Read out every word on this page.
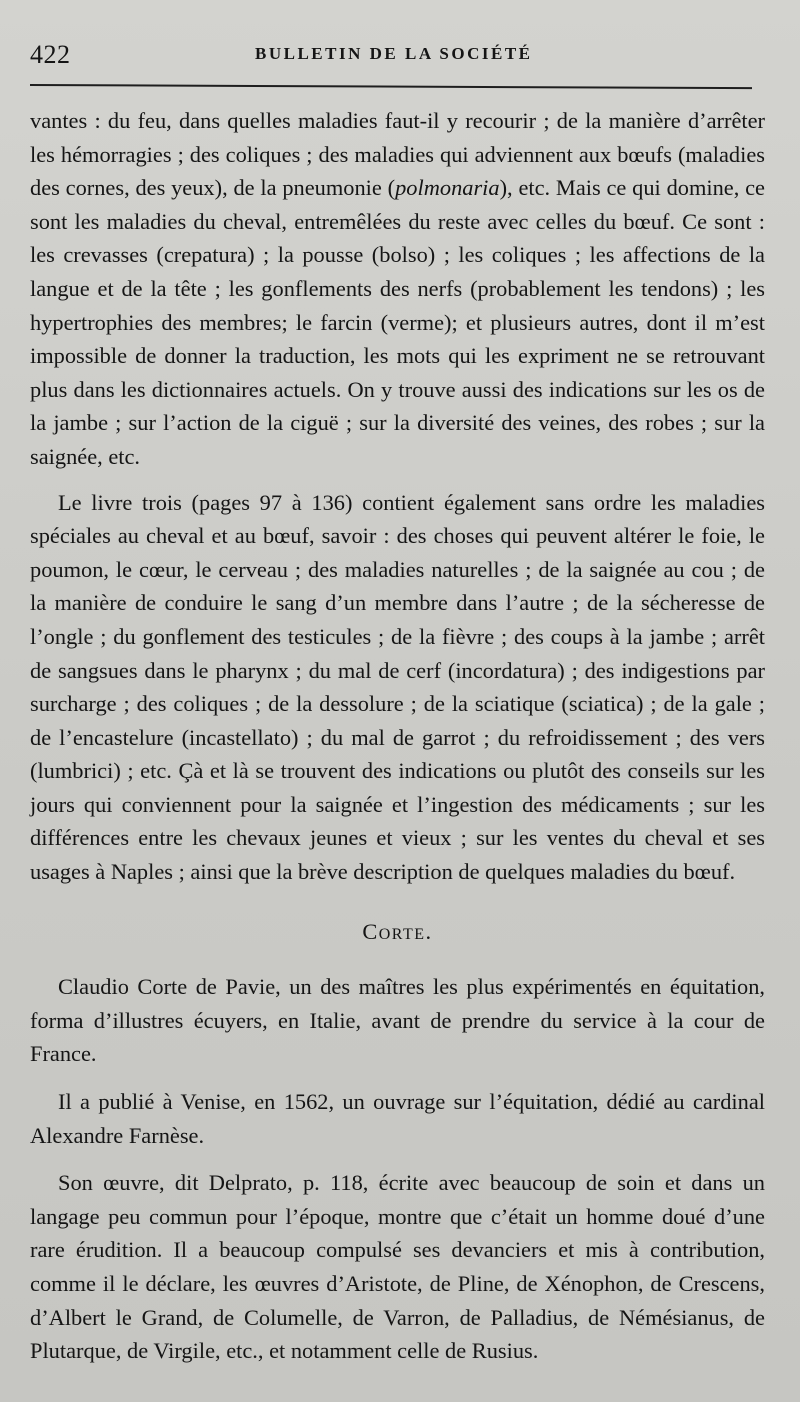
422	BULLETIN DE LA SOCIÉTÉ

vantes : du feu, dans quelles maladies faut-il y recourir ; de la manière d’arrêter les hémorragies ; des coliques ; des maladies qui adviennent aux bœufs (maladies des cornes, des yeux), de la pneumonie (polmonaria), etc. Mais ce qui domine, ce sont les maladies du cheval, entremêlées du reste avec celles du bœuf. Ce sont : les crevasses (crepatura) ; la pousse (bolso) ; les coliques ; les affections de la langue et de la tête ; les gonflements des nerfs (probablement les tendons) ; les hypertrophies des membres; le farcin (verme); et plusieurs autres, dont il m’est impossible de donner la traduction, les mots qui les expriment ne se retrouvant plus dans les dictionnaires actuels. On y trouve aussi des indications sur les os de la jambe ; sur l’action de la ciguë ; sur la diversité des veines, des robes ; sur la saignée, etc.

Le livre trois (pages 97 à 136) contient également sans ordre les maladies spéciales au cheval et au bœuf, savoir : des choses qui peuvent altérer le foie, le poumon, le cœur, le cerveau ; des maladies naturelles ; de la saignée au cou ; de la manière de conduire le sang d’un membre dans l’autre ; de la sécheresse de l’ongle ; du gonflement des testicules ; de la fièvre ; des coups à la jambe ; arrêt de sangsues dans le pharynx ; du mal de cerf (incordatura) ; des indigestions par surcharge ; des coliques ; de la dessolure ; de la sciatique (sciatica) ; de la gale ; de l’encastelure (incastellato) ; du mal de garrot ; du refroidissement ; des vers (lumbrici) ; etc. Çà et là se trouvent des indications ou plutôt des conseils sur les jours qui conviennent pour la saignée et l’ingestion des médicaments ; sur les différences entre les chevaux jeunes et vieux ; sur les ventes du cheval et ses usages à Naples ; ainsi que la brève description de quelques maladies du bœuf.

Corte.

Claudio Corte de Pavie, un des maîtres les plus expérimentés en équitation, forma d’illustres écuyers, en Italie, avant de prendre du service à la cour de France.

Il a publié à Venise, en 1562, un ouvrage sur l’équitation, dédié au cardinal Alexandre Farnèse.

Son œuvre, dit Delprato, p. 118, écrite avec beaucoup de soin et dans un langage peu commun pour l’époque, montre que c’était un homme doué d’une rare érudition. Il a beaucoup compulsé ses devanciers et mis à contribution, comme il le déclare, les œuvres d’Aristote, de Pline, de Xénophon, de Crescens, d’Albert le Grand, de Columelle, de Varron, de Palladius, de Némésianus, de Plutarque, de Virgile, etc., et notamment celle de Rusius.
